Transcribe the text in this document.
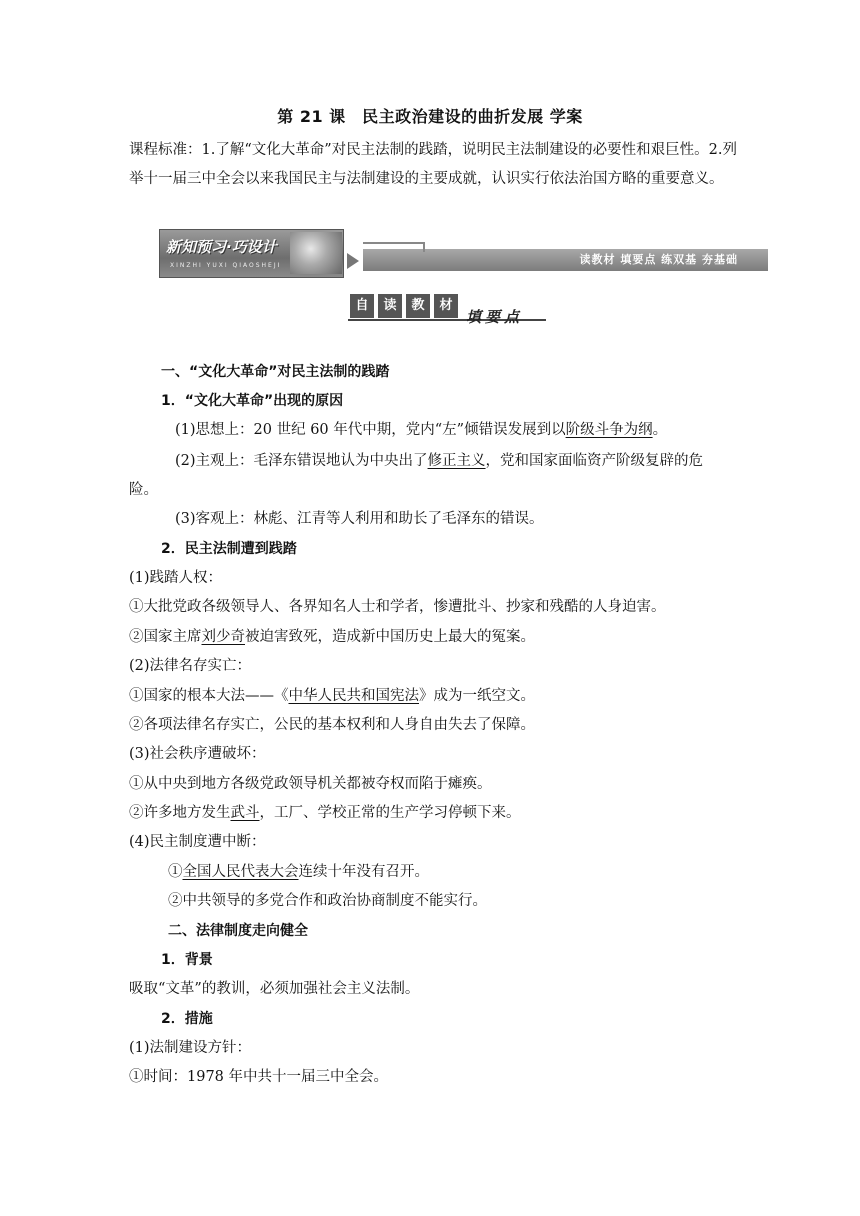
第 21 课　民主政治建设的曲折发展 学案
课程标准：1.了解“文化大革命”对民主法制的践踏，说明民主法制建设的必要性和艰巨性。2.列举十一届三中全会以来我国民主与法制建设的主要成就，认识实行依法治国方略的重要意义。
新知预习·巧设计
XINZHI YUXI QIAOSHEJI	读教材 填要点 练双基 夯基础
自	读	教	材
填要点
一、“文化大革命”对民主法制的践踏
1．“文化大革命”出现的原因
(1)思想上：20 世纪 60 年代中期，党内“左”倾错误发展到以阶级斗争为纲。
(2)主观上：毛泽东错误地认为中央出了修正主义，党和国家面临资产阶级复辟的危
险。
(3)客观上：林彪、江青等人利用和助长了毛泽东的错误。
2．民主法制遭到践踏
(1)践踏人权：
①大批党政各级领导人、各界知名人士和学者，惨遭批斗、抄家和残酷的人身迫害。
②国家主席刘少奇被迫害致死，造成新中国历史上最大的冤案。
(2)法律名存实亡：
①国家的根本大法——《中华人民共和国宪法》成为一纸空文。
②各项法律名存实亡，公民的基本权利和人身自由失去了保障。
(3)社会秩序遭破坏：
①从中央到地方各级党政领导机关都被夺权而陷于瘫痪。
②许多地方发生武斗，工厂、学校正常的生产学习停顿下来。
(4)民主制度遭中断：
①全国人民代表大会连续十年没有召开。
②中共领导的多党合作和政治协商制度不能实行。
二、法律制度走向健全
1．背景
吸取“文革”的教训，必须加强社会主义法制。
2．措施
(1)法制建设方针：
①时间：1978 年中共十一届三中全会。
